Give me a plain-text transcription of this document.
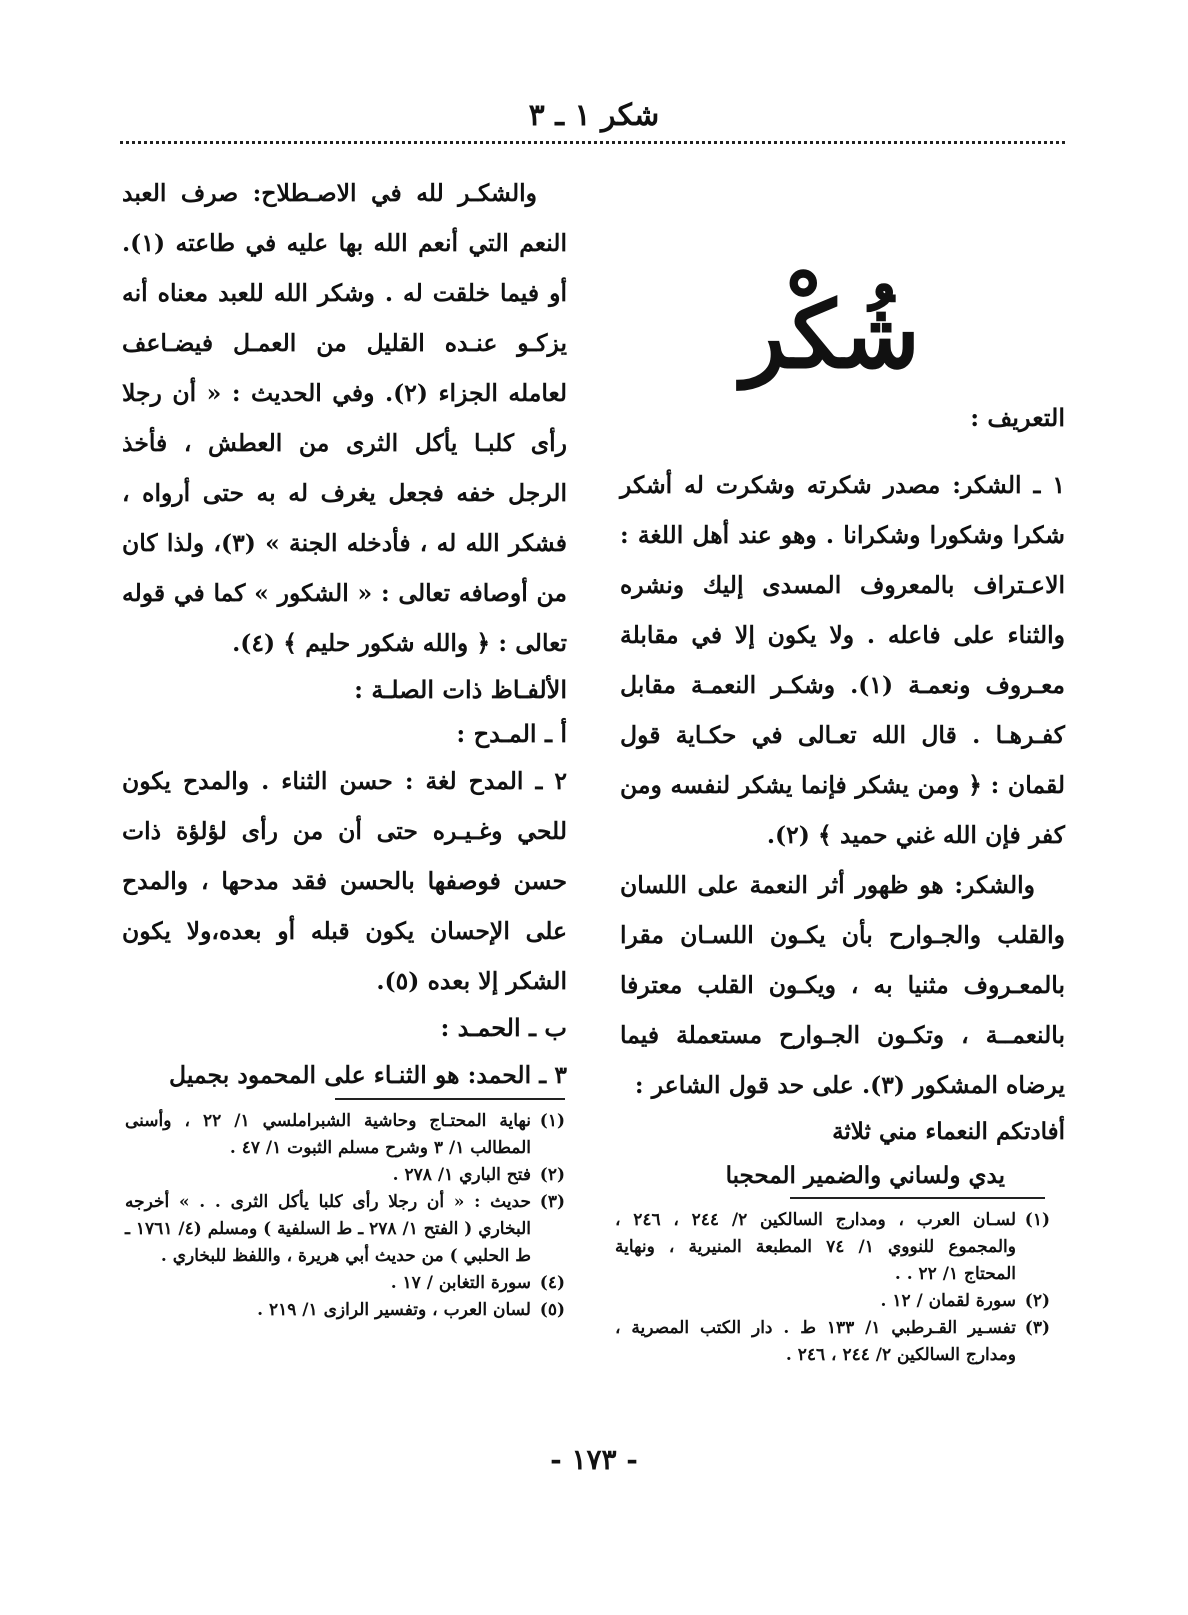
شكر ١ ـ ٣
شُكْر
التعريف :

١ ـ الشكر: مصدر شكرته وشكرت له أشكر شكرا وشكورا وشكرانا . وهو عند أهل اللغة : الاعـتراف بالمعروف المسدى إليك ونشره والثناء على فاعله . ولا يكون إلا في مقابلة معـروف ونعمـة (١). وشكـر النعمـة مقابل كفـرهـا . قال الله تعـالى في حكـاية قول لقمان : ﴿ ومن يشكر فإنما يشكر لنفسه ومن كفر فإن الله غني حميد ﴾ (٢).

والشكر: هو ظهور أثر النعمة على اللسان والقلب والجـوارح بأن يكـون اللسـان مقرا بالمعـروف مثنيا به ، ويكـون القلب معترفا بالنعمــة ، وتكـون الجـوارح مستعملة فيما يرضاه المشكور (٣). على حد قول الشاعر :

أفادتكم النعماء مني ثلاثة

يدي ولساني والضمير المحجبا

والشكـر لله في الاصـطلاح: صرف العبد النعم التي أنعم الله بها عليه في طاعته (١). أو فيما خلقت له . وشكر الله للعبد معناه أنه يزكـو عنـده القليل من العمـل فيضـاعف لعامله الجزاء (٢). وفي الحديث : « أن رجلا رأى كلبـا يأكل الثرى من العطش ، فأخذ الرجل خفه فجعل يغرف له به حتى أرواه ، فشكر الله له ، فأدخله الجنة » (٣)، ولذا كان من أوصافه تعالى : « الشكور » كما في قوله تعالى : ﴿ والله شكور حليم ﴾ (٤).

الألفـاظ ذات الصلـة :

أ ـ المـدح :

٢ ـ المدح لغة : حسن الثناء . والمدح يكون للحي وغـيـره حتى أن من رأى لؤلؤة ذات حسن فوصفها بالحسن فقد مدحها ، والمدح على الإحسان يكون قبله أو بعده،ولا يكون الشكر إلا بعده (٥).

ب ـ الحمـد :

٣ ـ الحمد: هو الثنـاء على المحمود بجميل

(١)
نهاية المحتـاج وحاشية الشبراملسي ١/ ٢٢ ، وأسنى المطالب ١/ ٣ وشرح مسلم الثبوت ١/ ٤٧ .
(٢)
فتح الباري ١/ ٢٧٨ .
(٣)
حديث : « أن رجلا رأى كلبا يأكل الثرى . . » أخرجه البخاري ( الفتح ١/ ٢٧٨ ـ ط السلفية ) ومسلم (٤/ ١٧٦١ ـ ط الحلبي ) من حديث أبي هريرة ، واللفظ للبخاري .
(٤)
سورة التغابن / ١٧ .
(٥)
لسان العرب ، وتفسير الرازى ١/ ٢١٩ .
(١)
لسـان العرب ، ومدارج السالكين ٢/ ٢٤٤ ، ٢٤٦ ، والمجموع للنووي ١/ ٧٤ المطبعة المنيرية ، ونهاية المحتاج ١/ ٢٢ . .
(٢)
سورة لقمان / ١٢ .
(٣)
تفسـير القـرطبي ١/ ١٣٣ ط . دار الكتب المصرية ، ومدارج السالكين ٢/ ٢٤٤ ، ٢٤٦ .
- ١٧٣ -
